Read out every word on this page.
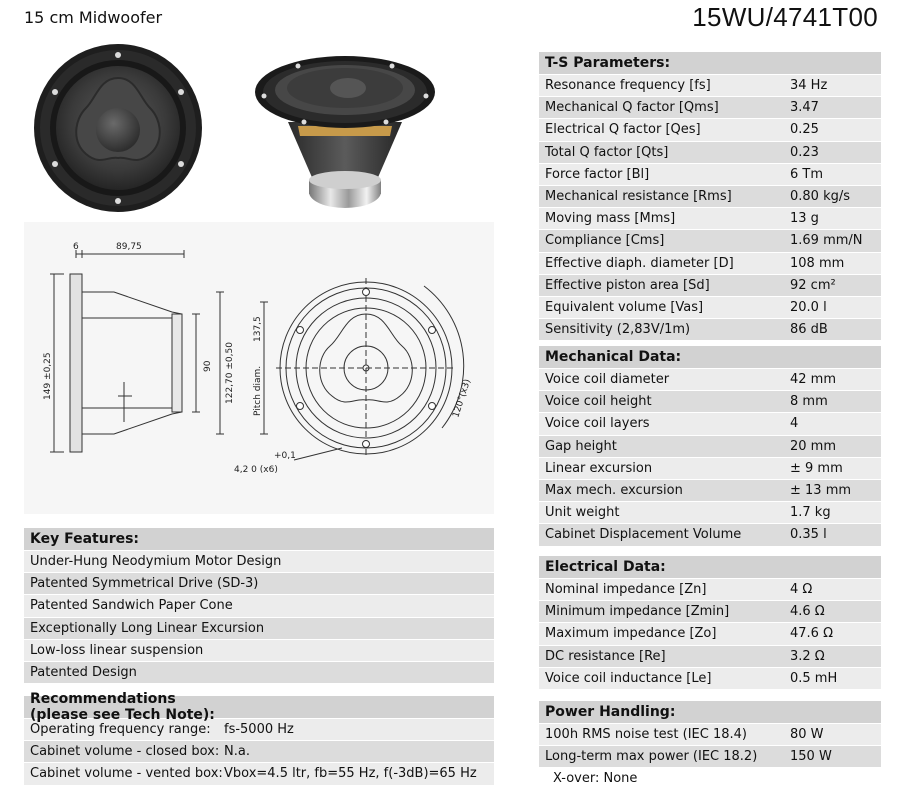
15 cm Midwoofer	15WU/4741T00
6	89,75
149 ±0,25	90 122,70 ±0,50 Pitch diam.
137,5
120°(x3)
+0,1
4,2 0 (x6)
T-S Parameters:
Resonance frequency [fs]	34 Hz
Mechanical Q factor [Qms]	3.47
Electrical Q factor [Qes]	0.25
Total Q factor [Qts]	0.23
Force factor [Bl]	6 Tm
Mechanical resistance [Rms]	0.80 kg/s
Moving mass [Mms]	13 g
Compliance [Cms]	1.69 mm/N
Effective diaph. diameter [D]	108 mm
Effective piston area [Sd]	92 cm²
Equivalent volume [Vas]	20.0 l
Sensitivity (2,83V/1m)	86 dB
Mechanical Data:
Voice coil diameter	42 mm
Voice coil height	8 mm
Voice coil layers	4
Gap height	20 mm
Linear excursion	± 9 mm
Max mech. excursion	± 13 mm
Unit weight	1.7 kg
Cabinet Displacement Volume	0.35 l
Electrical Data:
Nominal impedance [Zn]	4 Ω
Minimum impedance [Zmin]	4.6 Ω
Maximum impedance [Zo]	47.6 Ω
DC resistance [Re]	3.2 Ω
Voice coil inductance [Le]	0.5 mH
Power Handling:
100h RMS noise test (IEC 18.4)	80 W
Long-term max power (IEC 18.2)	150 W
X-over: None
Key Features:
Under-Hung Neodymium Motor Design
Patented Symmetrical Drive (SD-3)
Patented Sandwich Paper Cone
Exceptionally Long Linear Excursion
Low-loss linear suspension
Patented Design
Recommendations (please see Tech Note):
Operating frequency range:	fs-5000 Hz
Cabinet volume - closed box: N.a.
Cabinet volume - vented box: Vbox=4.5 ltr, fb=55 Hz, f(-3dB)=65 Hz
